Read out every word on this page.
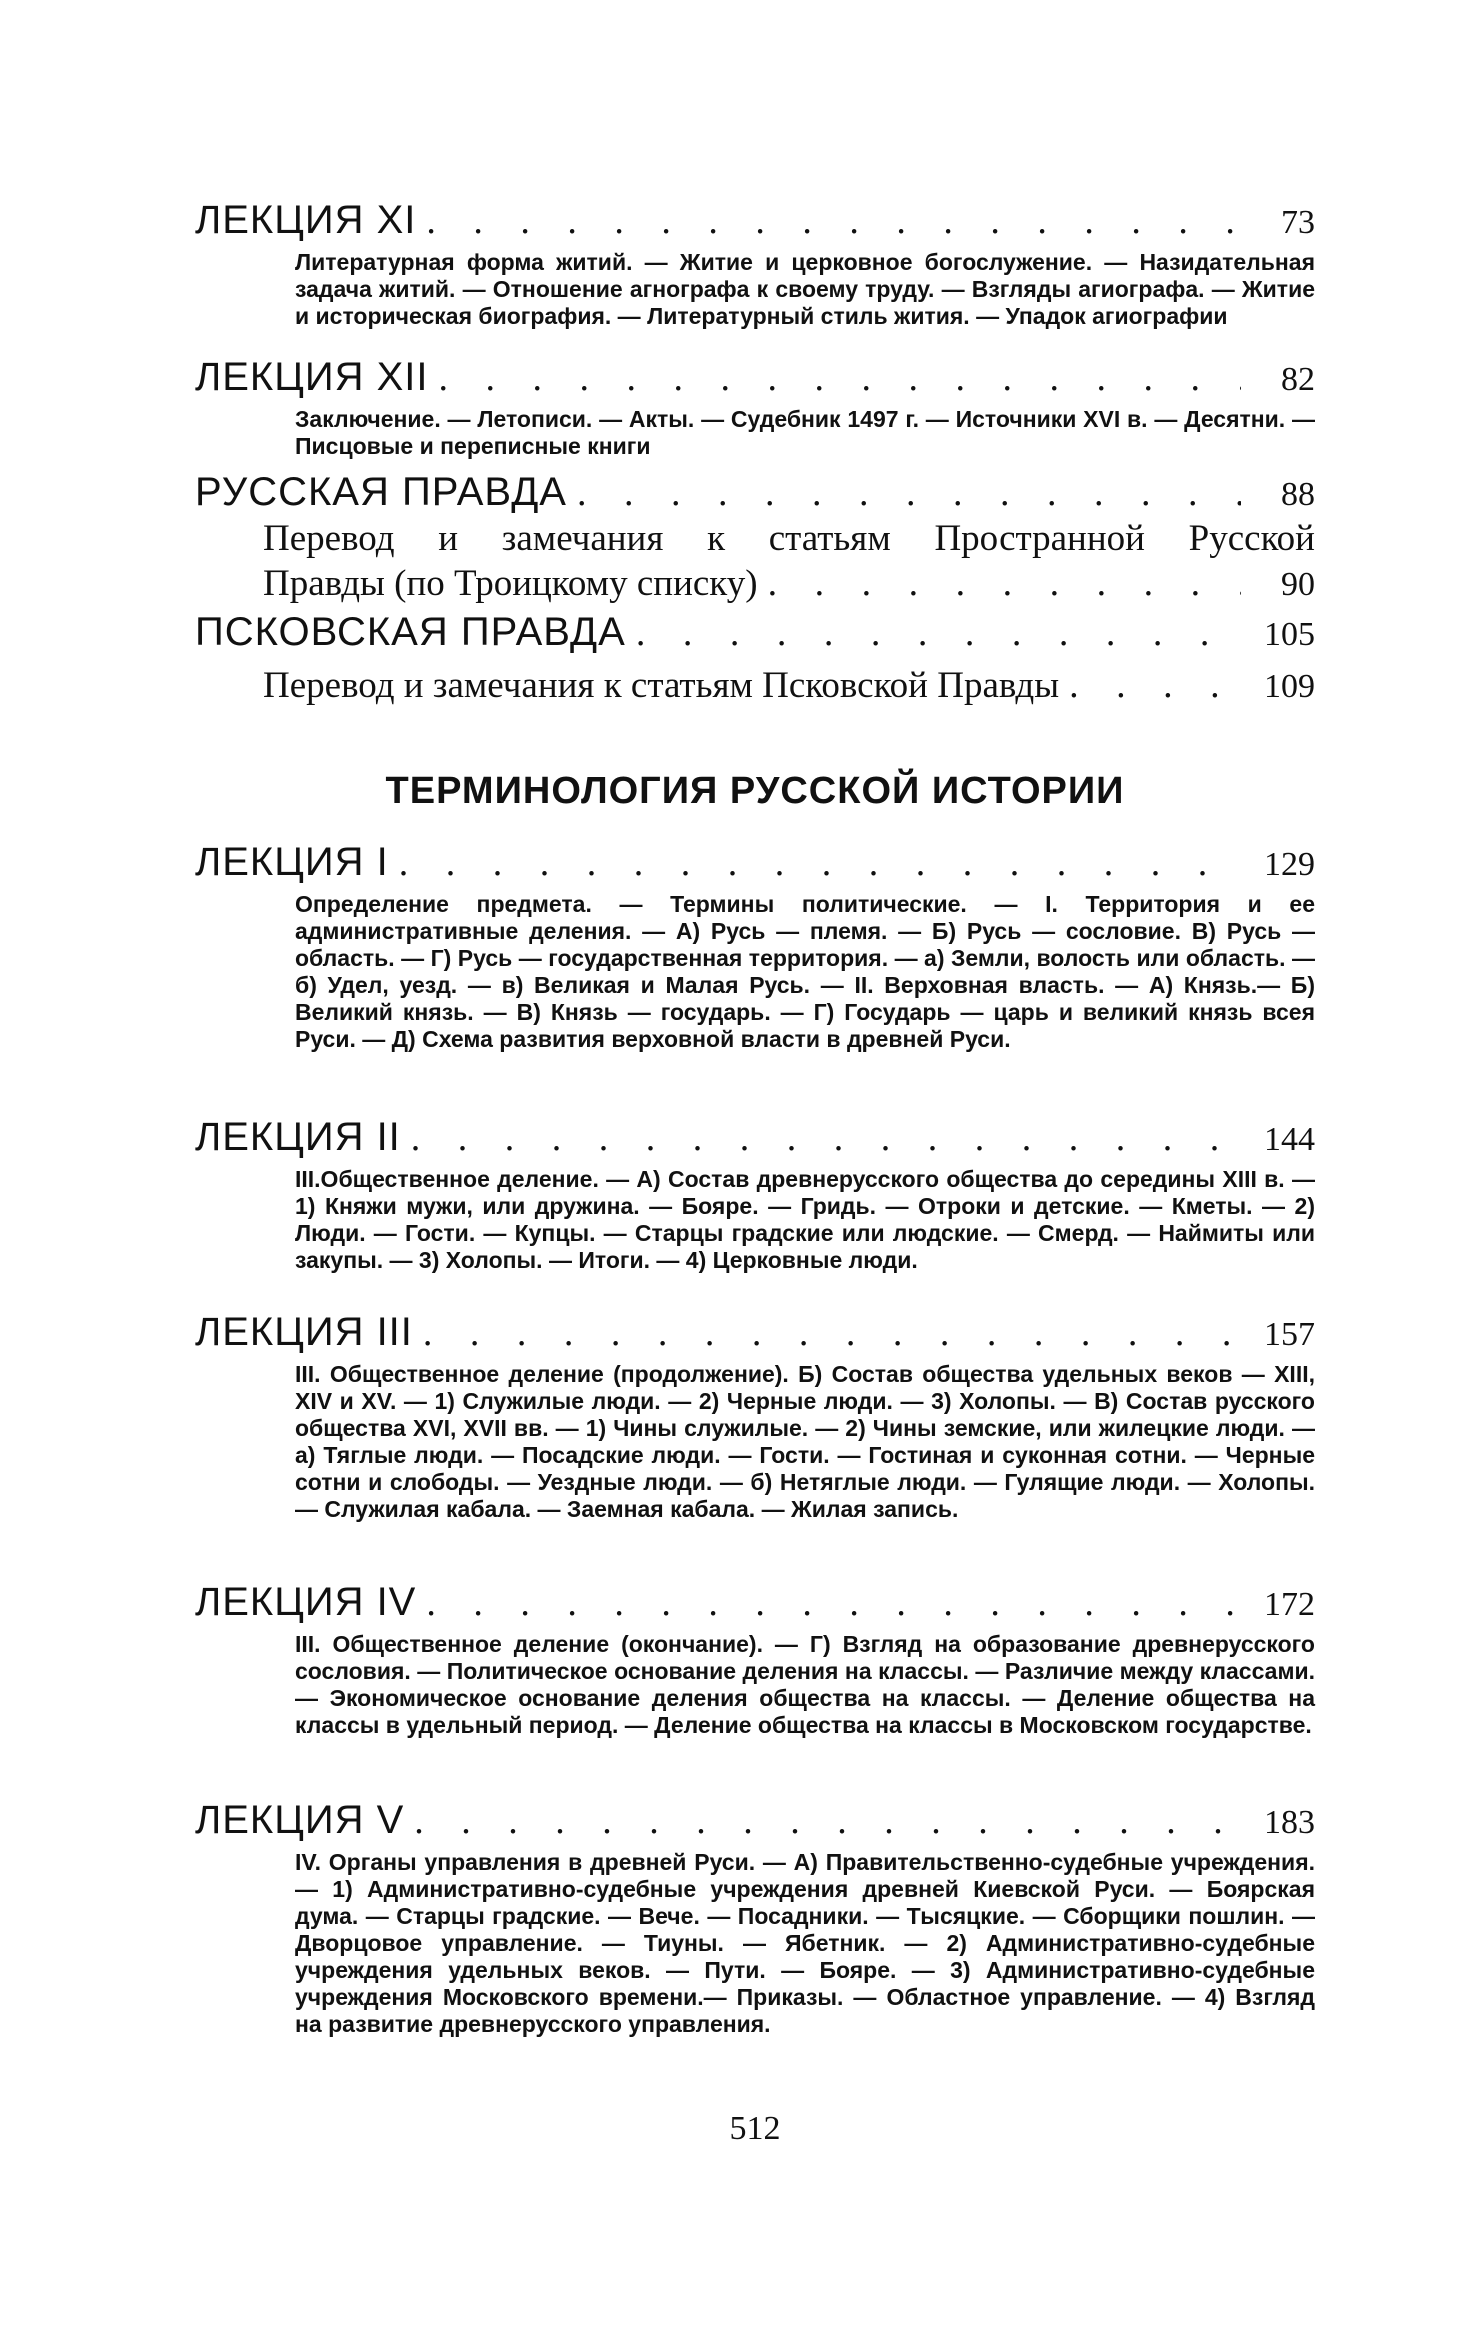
ЛЕКЦИЯ XI . . .	73
Литературная форма житий. — Житие и церковное богослужение. — Назидательная задача житий. — Отношение агнографа к своему труду. — Взгляды агиографа. — Житие и историческая биография. — Литературный стиль жития. — Упадок агиографии
ЛЕКЦИЯ XII . . .	82
Заключение. — Летописи. — Акты. — Судебник 1497 г. — Источники XVI в. — Десятни. — Писцовые и переписные книги
РУССКАЯ ПРАВДА . . .	88
Перевод и замечания к статьям Пространной Русской
Правды (по Троицкому списку) . . .	90
ПСКОВСКАЯ ПРАВДА . . .	105
Перевод и замечания к статьям Псковской Правды . . .	109
ТЕРМИНОЛОГИЯ РУССКОЙ ИСТОРИИ
ЛЕКЦИЯ I . . .	129
Определение предмета. — Термины политические. — I. Территория и ее административные деления. — А) Русь — племя. — Б) Русь — сословие. В) Русь — область. — Г) Русь — государственная территория. — а) Земли, волость или область. — б) Удел, уезд. — в) Великая и Малая Русь. — II. Верховная власть. — А) Князь.— Б) Великий князь. — В) Князь — государь. — Г) Государь — царь и великий князь всея Руси. — Д) Схема развития верховной власти в древней Руси.
ЛЕКЦИЯ II . . .	144
III.Общественное деление. — А) Состав древнерусского общества до середины XIII в. — 1) Княжи мужи, или дружина. — Бояре. — Гридь. — Отроки и детские. — Кметы. — 2) Люди. — Гости. — Купцы. — Старцы градские или людские. — Смерд. — Наймиты или закупы. — 3) Холопы. — Итоги. — 4) Церковные люди.
ЛЕКЦИЯ III . . .	157
III. Общественное деление (продолжение). Б) Состав общества удельных веков — XIII, XIV и XV. — 1) Служилые люди. — 2) Черные люди. — 3) Холопы. — В) Состав русского общества XVI, XVII вв. — 1) Чины служилые. — 2) Чины земские, или жилецкие люди. — а) Тяглые люди. — Посадские люди. — Гости. — Гостиная и суконная сотни. — Черные сотни и слободы. — Уездные люди. — б) Нетяглые люди. — Гулящие люди. — Холопы. — Служилая кабала. — Заемная кабала. — Жилая запись.
ЛЕКЦИЯ IV . . .	172
III. Общественное деление (окончание). — Г) Взгляд на образование древнерусского сословия. — Политическое основание деления на классы. — Различие между классами. — Экономическое основание деления общества на классы. — Деление общества на классы в удельный период. — Деление общества на классы в Московском государстве.
ЛЕКЦИЯ V . . .	183
IV. Органы управления в древней Руси. — А) Правительственно-судебные учреждения. — 1) Административно-судебные учреждения древней Киевской Руси. — Боярская дума. — Старцы градские. — Вече. — Посадники. — Тысяцкие. — Сборщики пошлин. — Дворцовое управление. — Тиуны. — Ябетник. — 2) Административно-судебные учреждения удельных веков. — Пути. — Бояре. — 3) Административно-судебные учреждения Московского времени.— Приказы. — Областное управление. — 4) Взгляд на развитие древнерусского управления.
512
